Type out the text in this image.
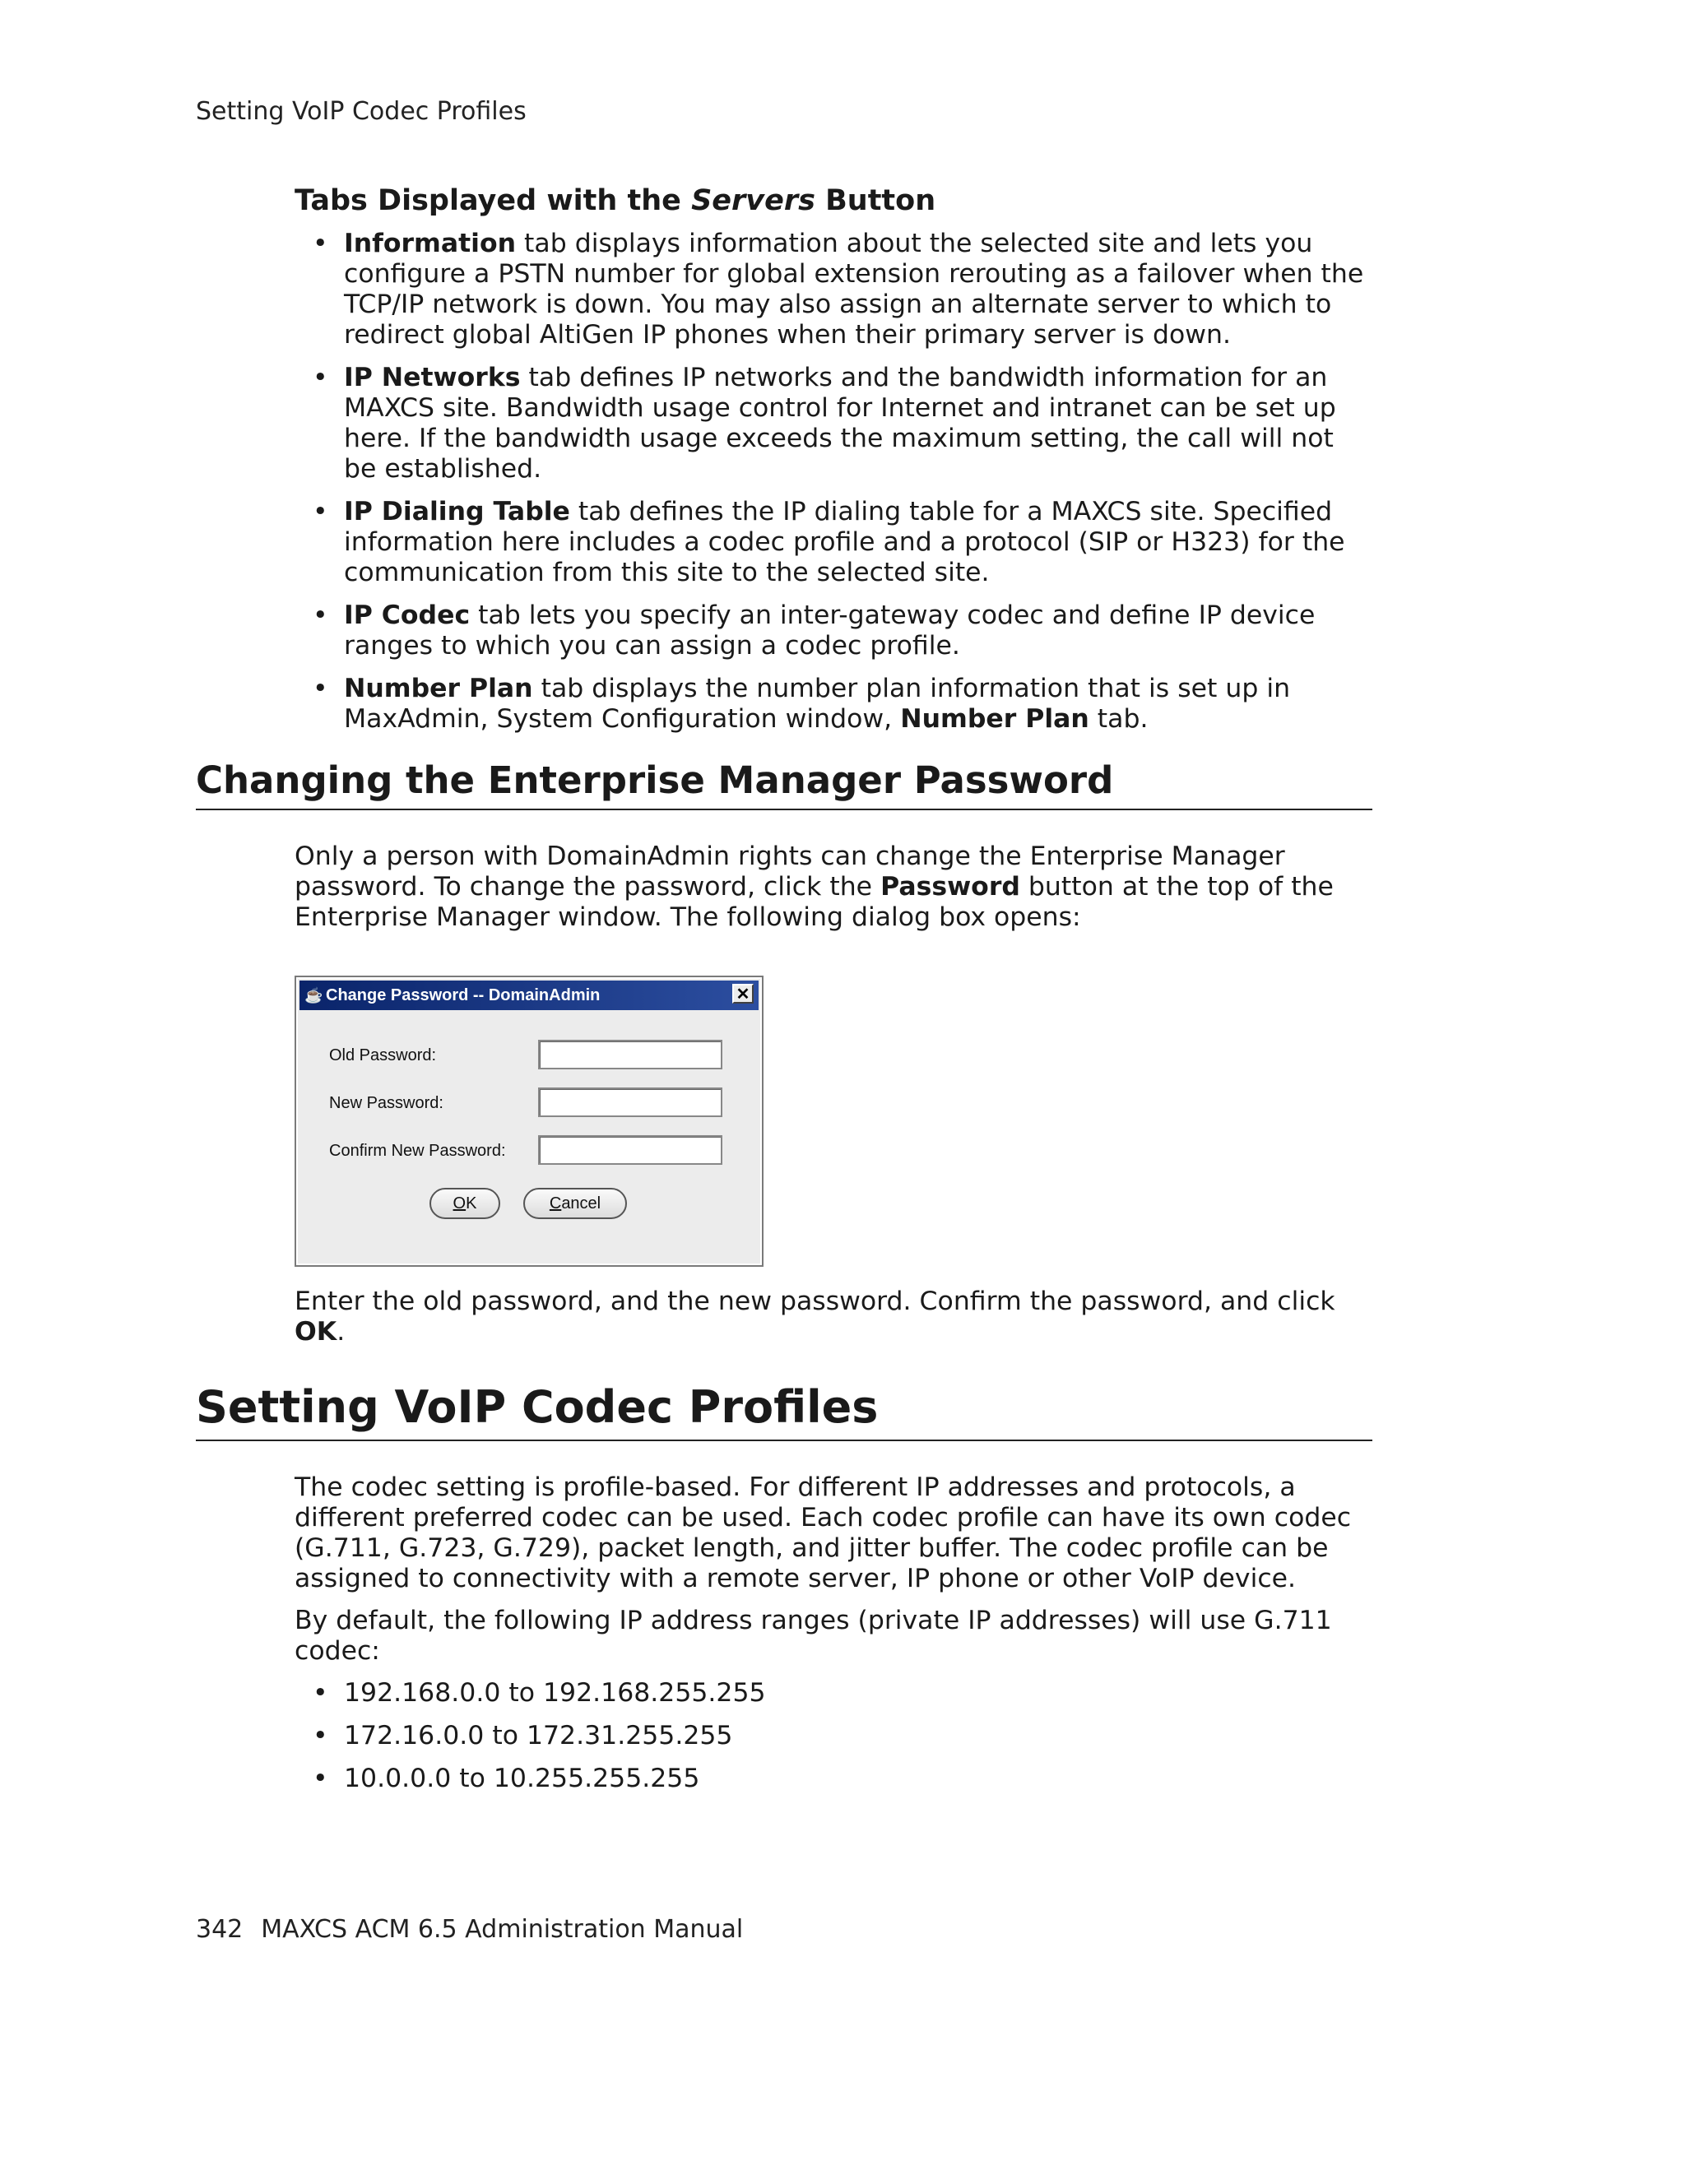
Setting VoIP Codec Profiles
Tabs Displayed with the Servers Button
• Information tab displays information about the selected site and lets you configure a PSTN number for global extension rerouting as a failover when the TCP/IP network is down. You may also assign an alternate server to which to redirect global AltiGen IP phones when their primary server is down.
• IP Networks tab defines IP networks and the bandwidth information for an MAXCS site. Bandwidth usage control for Internet and intranet can be set up here. If the bandwidth usage exceeds the maximum setting, the call will not be established.
• IP Dialing Table tab defines the IP dialing table for a MAXCS site. Specified information here includes a codec profile and a protocol (SIP or H323) for the communication from this site to the selected site.
• IP Codec tab lets you specify an inter-gateway codec and define IP device ranges to which you can assign a codec profile.
• Number Plan tab displays the number plan information that is set up in MaxAdmin, System Configuration window, Number Plan tab.
Changing the Enterprise Manager Password

Only a person with DomainAdmin rights can change the Enterprise Manager password. To change the password, click the Password button at the top of the Enterprise Manager window. The following dialog box opens:

☕ Change Password -- DomainAdmin	✕
Old Password:
New Password:
Confirm New Password:
OK	Cancel

Enter the old password, and the new password. Confirm the password, and click OK.

Setting VoIP Codec Profiles

The codec setting is profile-based. For different IP addresses and protocols, a different preferred codec can be used. Each codec profile can have its own codec (G.711, G.723, G.729), packet length, and jitter buffer. The codec profile can be assigned to connectivity with a remote server, IP phone or other VoIP device.

By default, the following IP address ranges (private IP addresses) will use G.711 codec:

• 192.168.0.0 to 192.168.255.255
• 172.16.0.0 to 172.31.255.255
• 10.0.0.0 to 10.255.255.255
342 MAXCS ACM 6.5 Administration Manual
